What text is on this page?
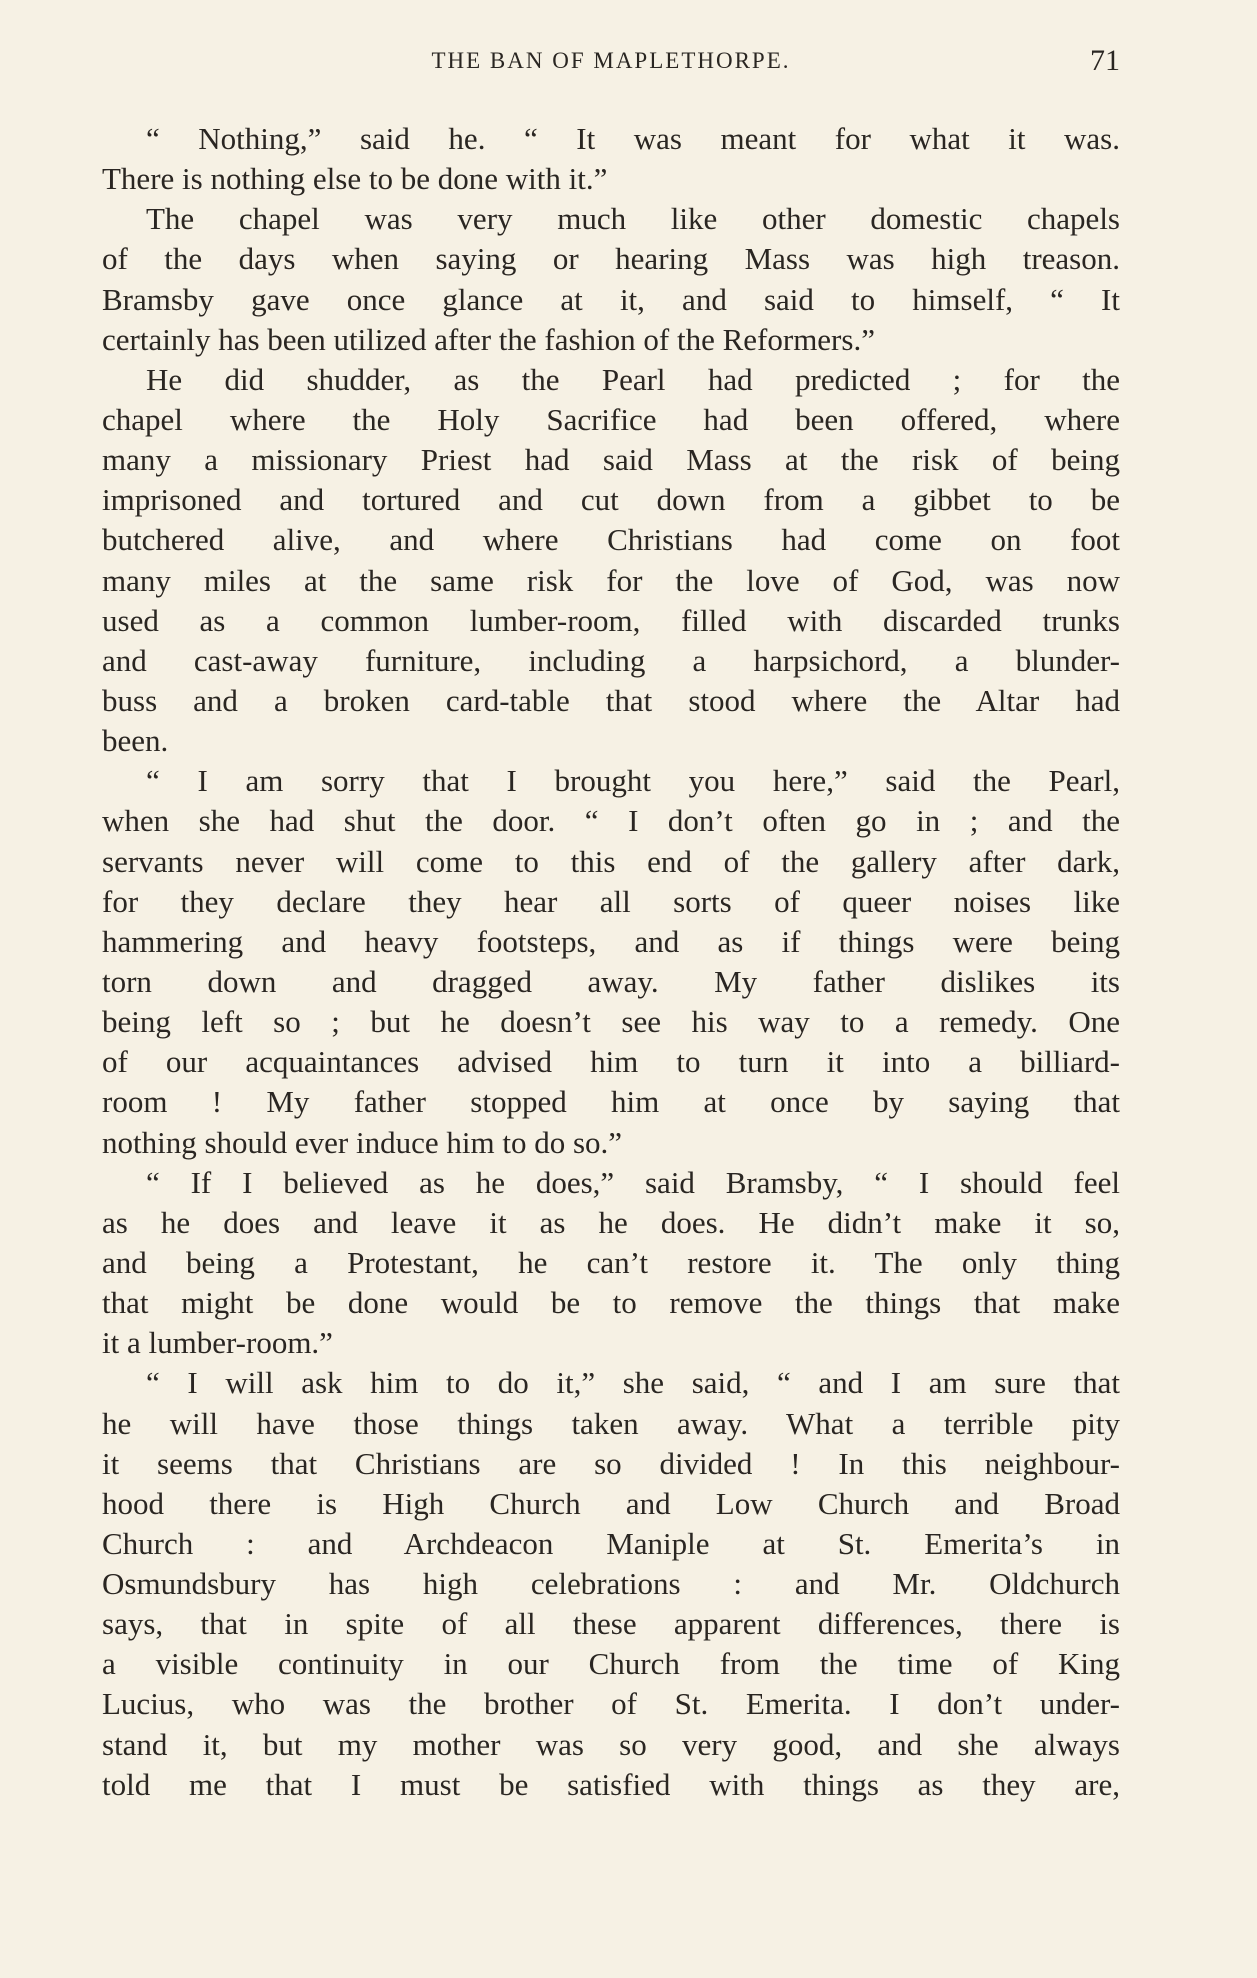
THE BAN OF MAPLETHORPE.	71
“ Nothing,” said he. “ It was meant for what it was.
There is nothing else to be done with it.”
The chapel was very much like other domestic chapels
of the days when saying or hearing Mass was high treason.
Bramsby gave once glance at it, and said to himself, “ It
certainly has been utilized after the fashion of the Reformers.”
He did shudder, as the Pearl had predicted ; for the
chapel where the Holy Sacrifice had been offered, where
many a missionary Priest had said Mass at the risk of being
imprisoned and tortured and cut down from a gibbet to be
butchered alive, and where Christians had come on foot
many miles at the same risk for the love of God, was now
used as a common lumber-room, filled with discarded trunks
and cast-away furniture, including a harpsichord, a blunder-
buss and a broken card-table that stood where the Altar had
been.
“ I am sorry that I brought you here,” said the Pearl,
when she had shut the door. “ I don’t often go in ; and the
servants never will come to this end of the gallery after dark,
for they declare they hear all sorts of queer noises like
hammering and heavy footsteps, and as if things were being
torn down and dragged away. My father dislikes its
being left so ; but he doesn’t see his way to a remedy. One
of our acquaintances advised him to turn it into a billiard-
room ! My father stopped him at once by saying that
nothing should ever induce him to do so.”
“ If I believed as he does,” said Bramsby, “ I should feel
as he does and leave it as he does. He didn’t make it so,
and being a Protestant, he can’t restore it. The only thing
that might be done would be to remove the things that make
it a lumber-room.”
“ I will ask him to do it,” she said, “ and I am sure that
he will have those things taken away. What a terrible pity
it seems that Christians are so divided ! In this neighbour-
hood there is High Church and Low Church and Broad
Church : and Archdeacon Maniple at St. Emerita’s in
Osmundsbury has high celebrations : and Mr. Oldchurch
says, that in spite of all these apparent differences, there is
a visible continuity in our Church from the time of King
Lucius, who was the brother of St. Emerita. I don’t under-
stand it, but my mother was so very good, and she always
told me that I must be satisfied with things as they are,
